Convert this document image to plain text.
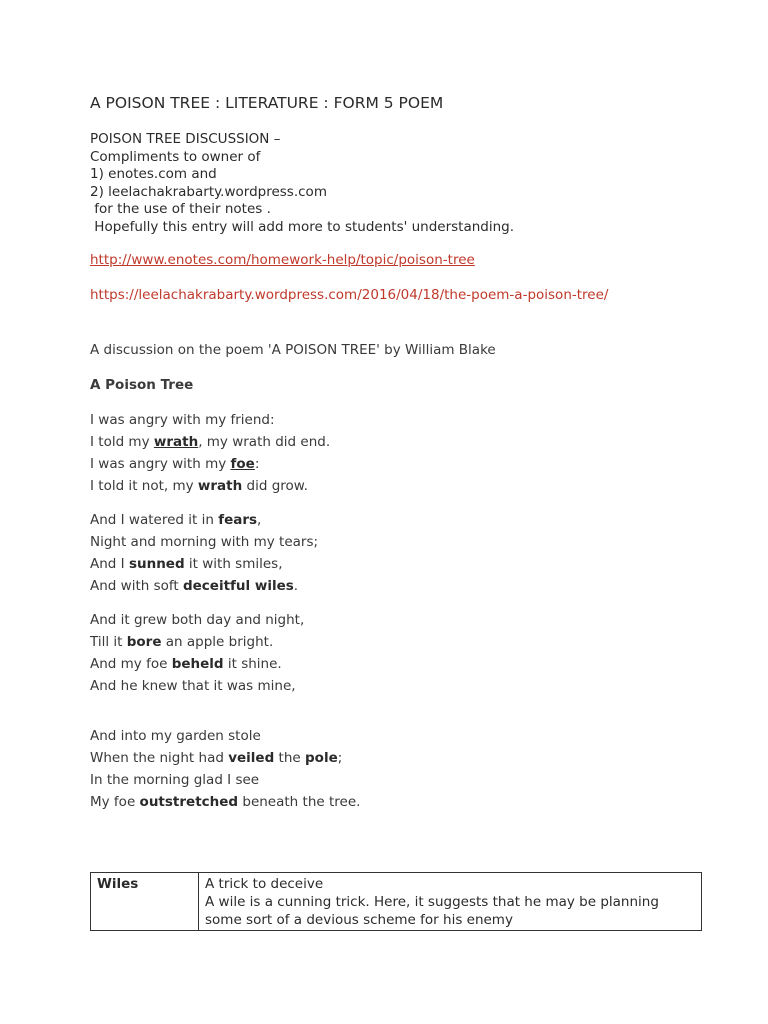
A POISON TREE : LITERATURE : FORM 5 POEM
POISON TREE DISCUSSION –
Compliments to owner of
1) enotes.com and
2) leelachakrabarty.wordpress.com
for the use of their notes .
Hopefully this entry will add more to students' understanding.
http://www.enotes.com/homework-help/topic/poison-tree
https://leelachakrabarty.wordpress.com/2016/04/18/the-poem-a-poison-tree/
A discussion on the poem 'A POISON TREE' by William Blake
A Poison Tree
I was angry with my friend:
I told my wrath, my wrath did end.
I was angry with my foe:
I told it not, my wrath did grow.
And I watered it in fears,
Night and morning with my tears;
And I sunned it with smiles,
And with soft deceitful wiles.
And it grew both day and night,
Till it bore an apple bright.
And my foe beheld it shine.
And he knew that it was mine,
And into my garden stole
When the night had veiled the pole;
In the morning glad I see
My foe outstretched beneath the tree.
Wiles	A trick to deceive
A wile is a cunning trick. Here, it suggests that he may be planning some sort of a devious scheme for his enemy
